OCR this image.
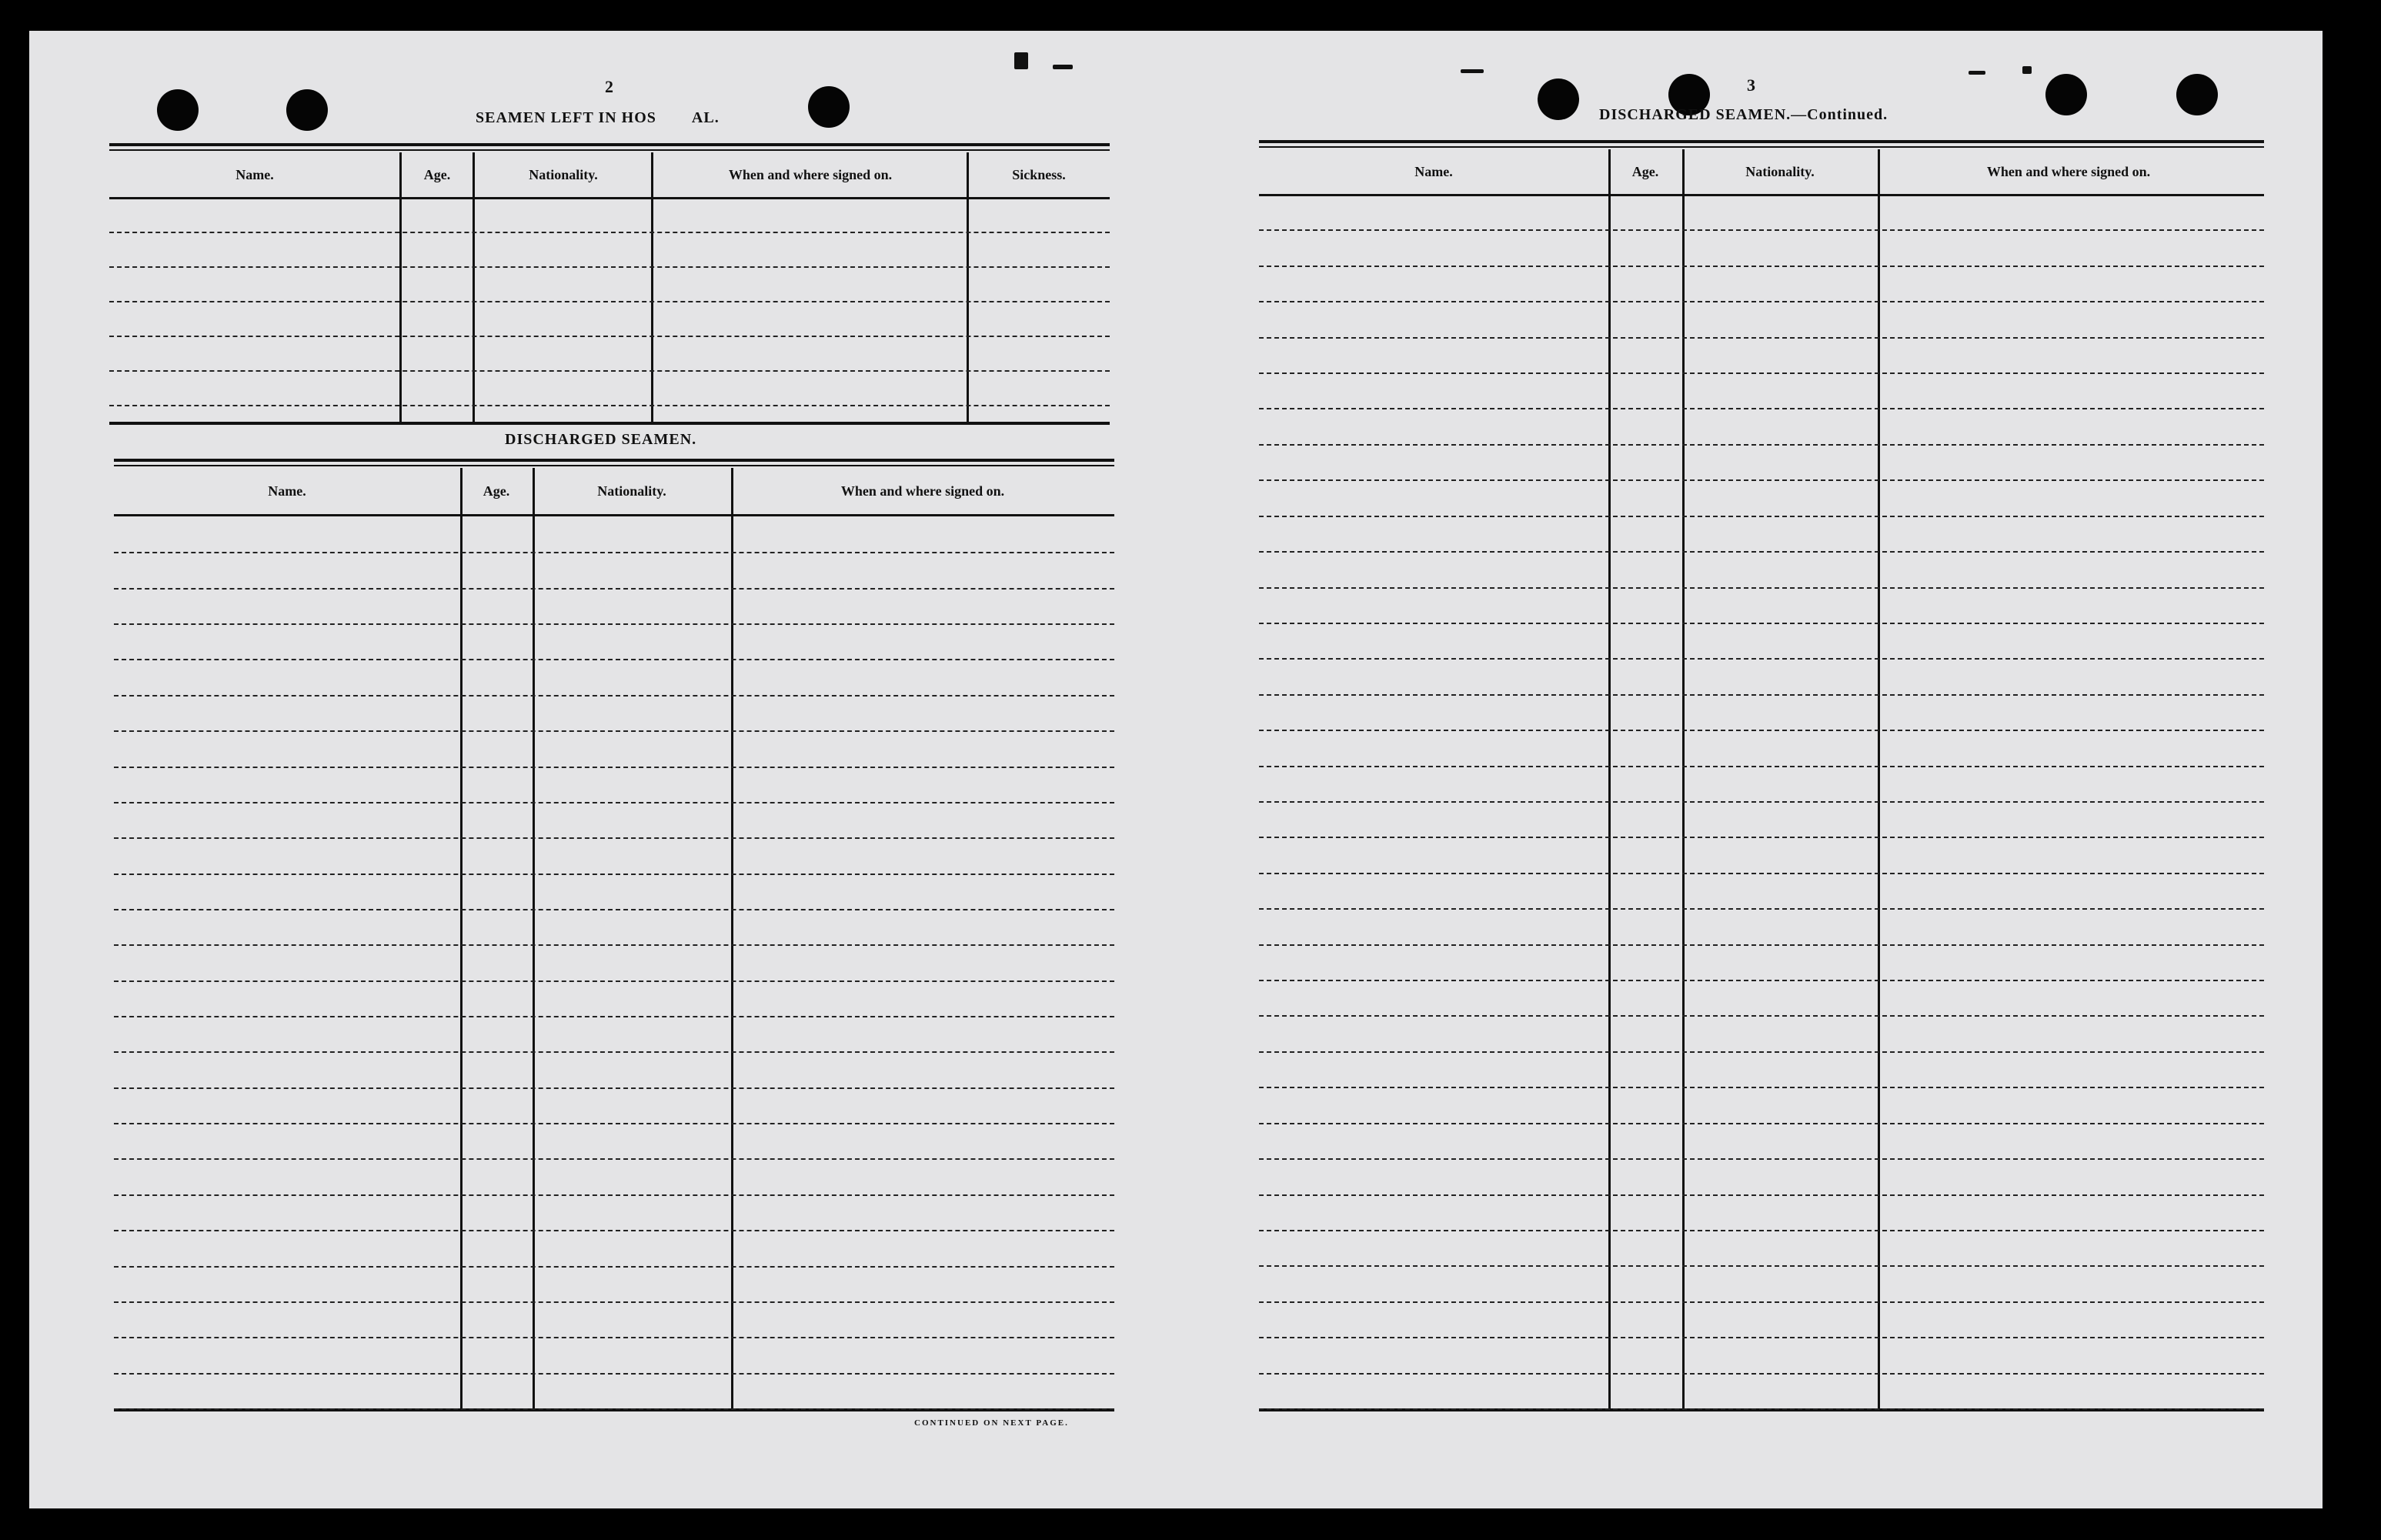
2
SEAMEN LEFT IN HOS AL.
Name.	Age.	Nationality.	When and where signed on.	Sickness.
DISCHARGED SEAMEN.
Name.	Age.	Nationality.	When and where signed on.
CONTINUED ON NEXT PAGE.
3
DISCHARGED SEAMEN.—Continued.
Name.	Age.	Nationality.	When and where signed on.
